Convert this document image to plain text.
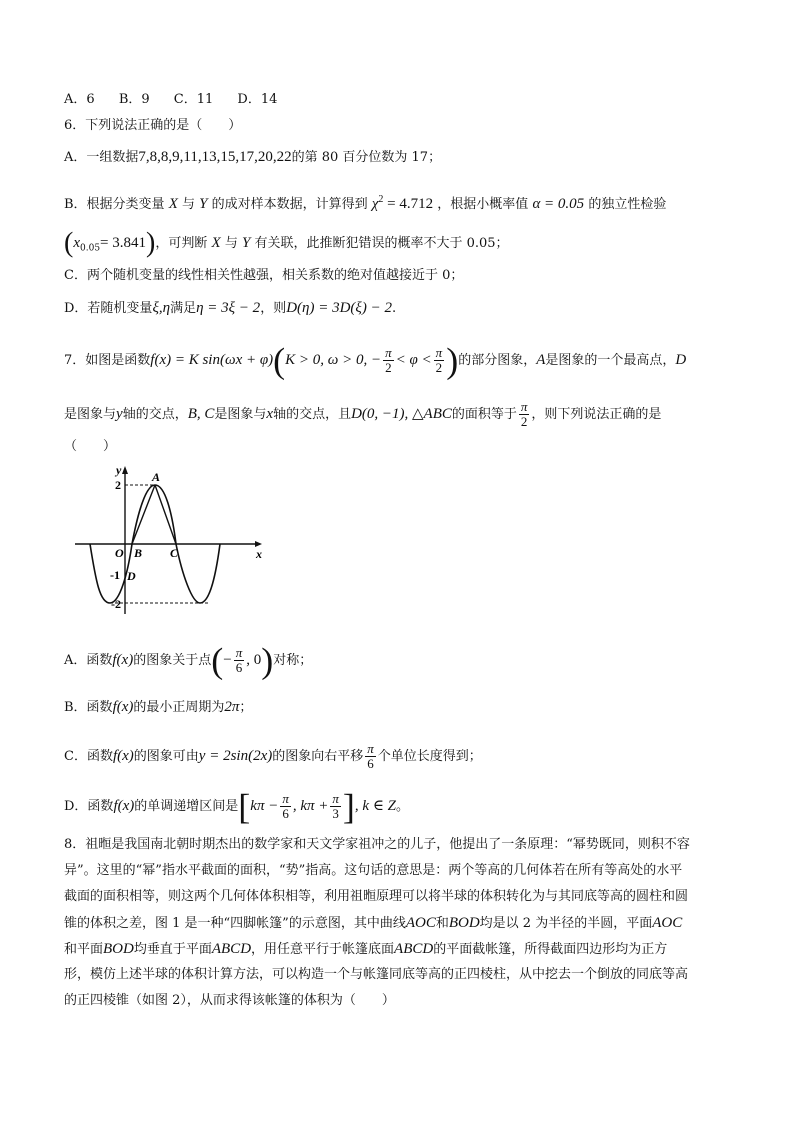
A．6 B．9 C．11 D．14
6．下列说法正确的是（　　）
A．一组数据7,8,8,9,11,13,15,17,20,22的第 80 百分位数为 17；
B．根据分类变量 X 与 Y 的成对样本数据，计算得到 $\chi^2 = 4.712$ ，根据小概率值 α = 0.05 的独立性检验
$(x_{0.05}= 3.841)$，可判断 X 与 Y 有关联，此推断犯错误的概率不大于 0.05；
C．两个随机变量的线性相关性越强，相关系数的绝对值越接近于 0；
D．若随机变量ξ,η满足η = 3ξ − 2，则D(η) = 3D(ξ) − 2.
7．如图是函数f(x) = K sin(ωx + φ)(K > 0, ω > 0, − $\frac{\pi}{2} < \varphi < \frac{\pi}{2}$ )的部分图象，A是图象的一个最高点，D
是图象与y轴的交点，B, C是图象与x轴的交点，且D(0, −1), △ABC的面积等于 $\frac{\pi}{2}$ ，则下列说法正确的是
（　　）
y
x
2
A
O B C
-1 D
-2
A．函数f(x)的图象关于点(− $\frac{\pi}{6}$ , 0)对称；
B．函数f(x)的最小正周期为2π；
C．函数f(x)的图象可由y = 2sin(2x)的图象向右平移 $\frac{\pi}{6}$ 个单位长度得到；
D．函数f(x)的单调递增区间是[$k\pi - \frac{\pi}{6}$ , $k\pi + \frac{\pi}{3}$ ], k ∈ Z。
8．祖暅是我国南北朝时期杰出的数学家和天文学家祖冲之的儿子，他提出了一条原理：“幂势既同，则积不容
异”。这里的“幂”指水平截面的面积，“势”指高。这句话的意思是：两个等高的几何体若在所有等高处的水平
截面的面积相等，则这两个几何体体积相等，利用祖暅原理可以将半球的体积转化为与其同底等高的圆柱和圆
锥的体积之差，图 1 是一种“四脚帐篷”的示意图，其中曲线AOC和BOD均是以 2 为半径的半圆，平面AOC
和平面BOD均垂直于平面ABCD，用任意平行于帐篷底面ABCD的平面截帐篷，所得截面四边形均为正方
形，模仿上述半球的体积计算方法，可以构造一个与帐篷同底等高的正四棱柱，从中挖去一个倒放的同底等高
的正四棱锥（如图 2），从而求得该帐篷的体积为（　　）
